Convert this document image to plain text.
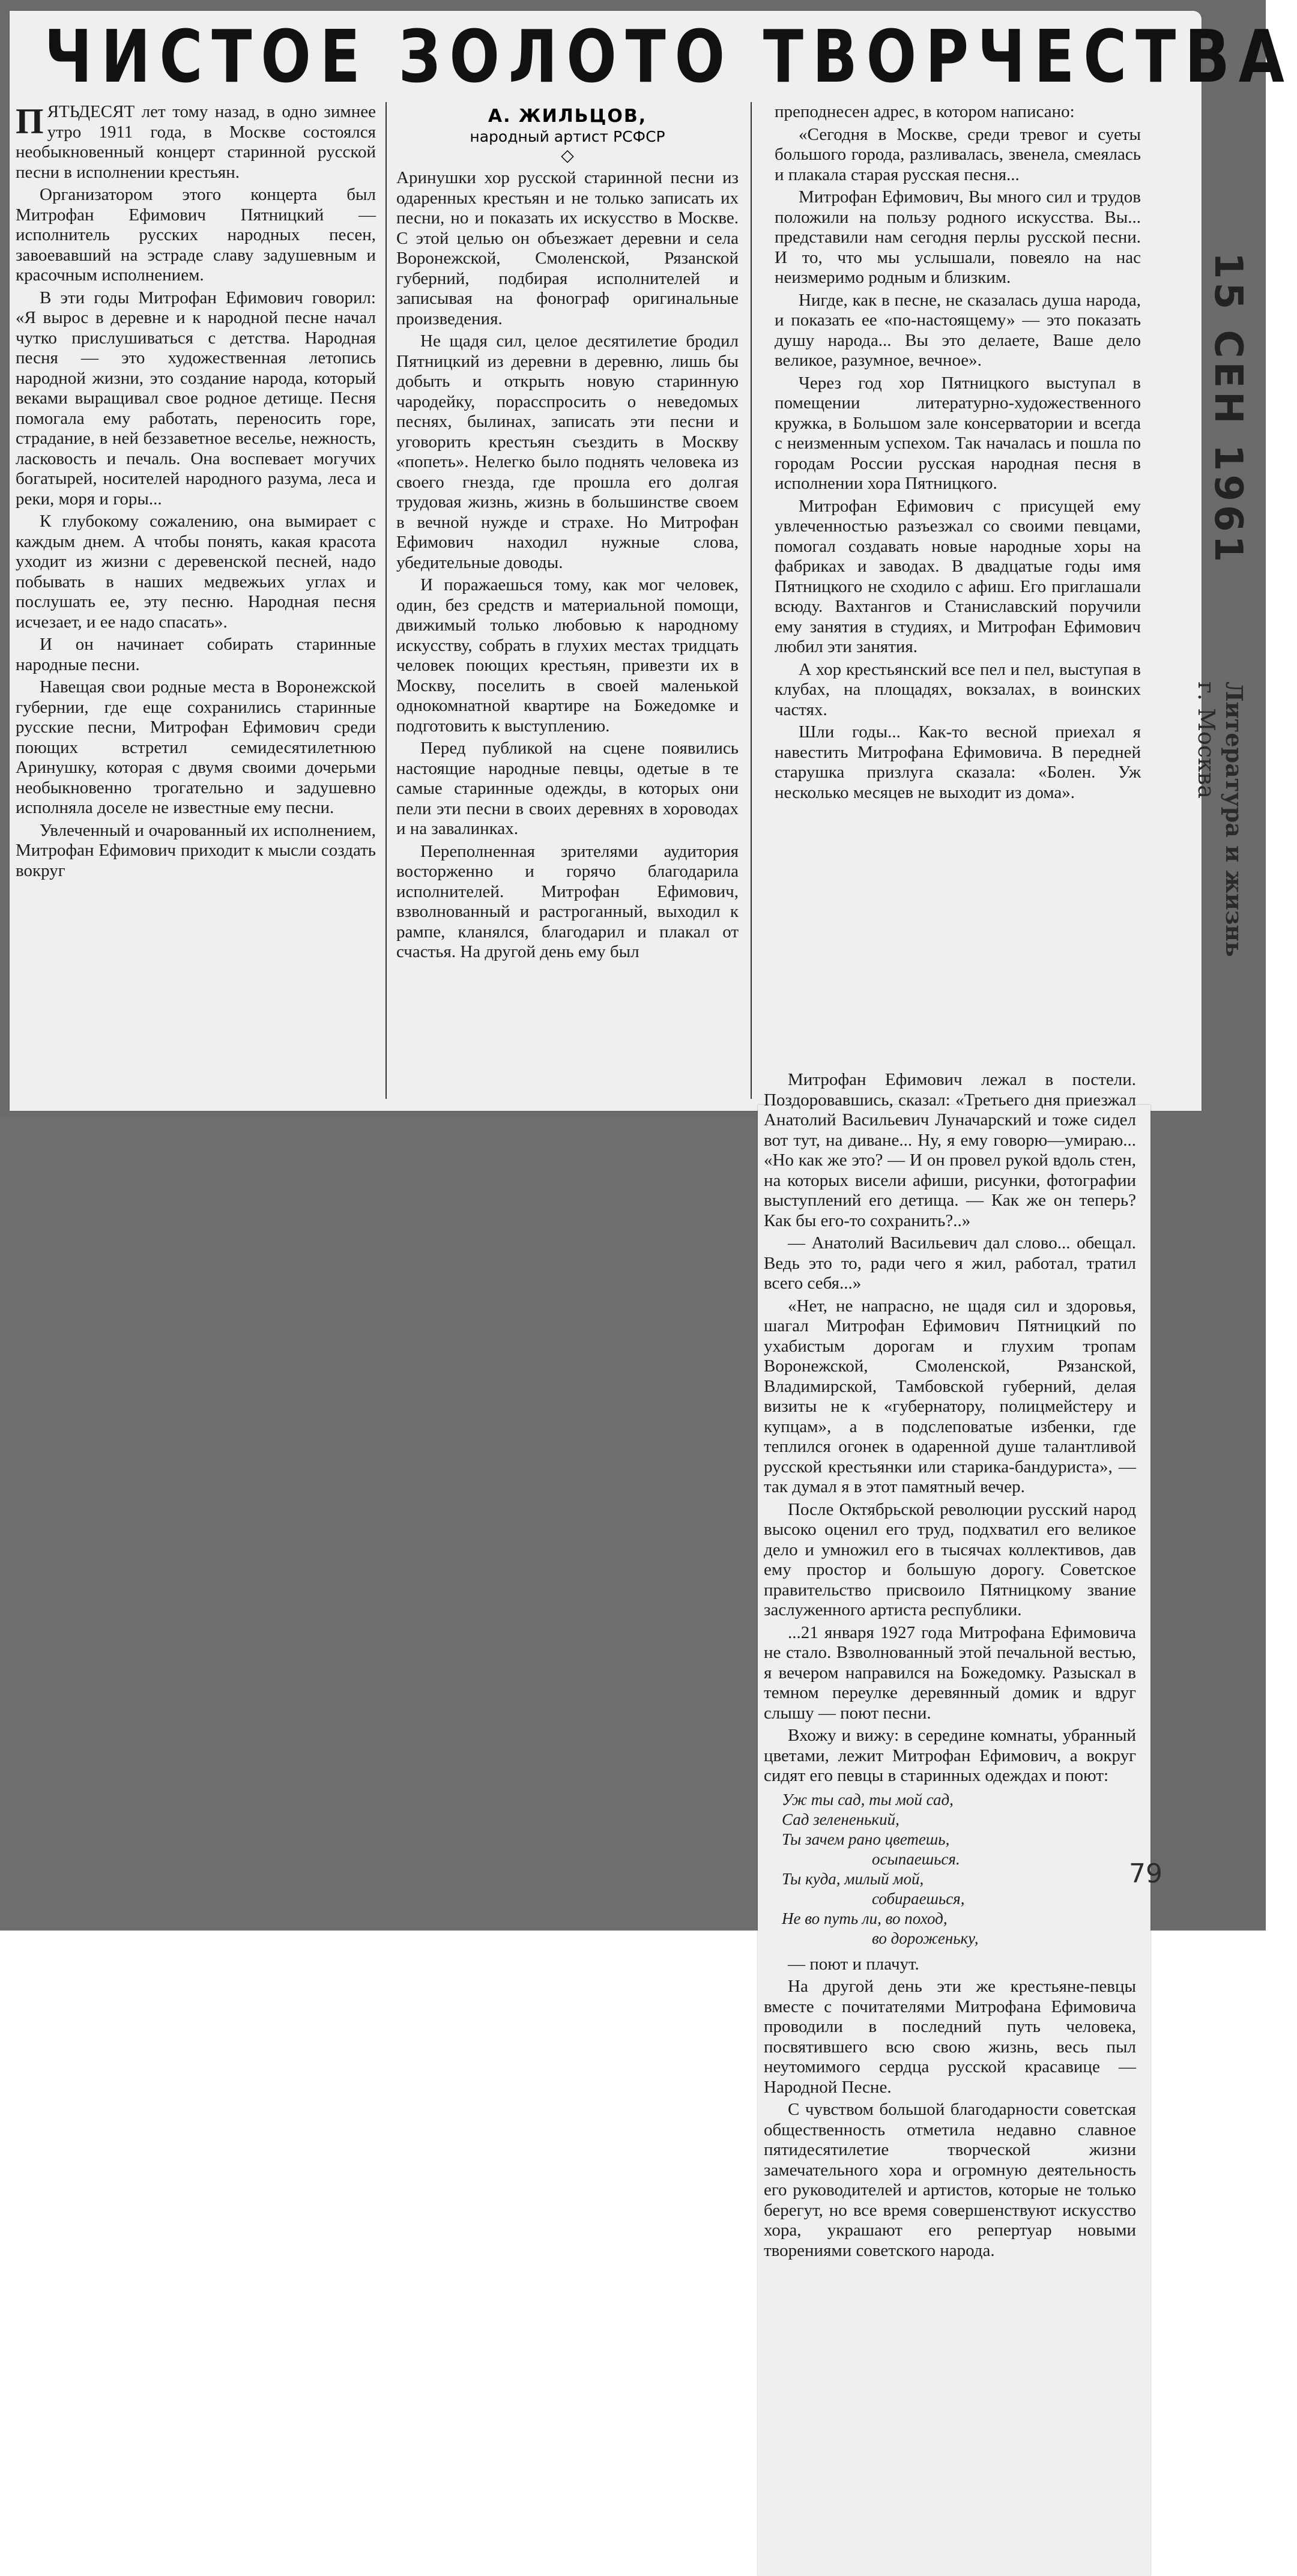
ЧИСТОЕ ЗОЛОТО ТВОРЧЕСТВА
А. ЖИЛЬЦОВ,
народный артист РСФСР
◇

ПЯТЬДЕСЯТ лет тому назад, в одно зимнее утро 1911 года, в Москве состоялся необыкновенный концерт старинной русской песни в исполнении крестьян.

Организатором этого концерта был Митрофан Ефимович Пятницкий — исполнитель русских народных песен, завоевавший на эстраде славу задушевным и красочным исполнением.

В эти годы Митрофан Ефимович говорил: «Я вырос в деревне и к народной песне начал чутко прислушиваться с детства. Народная песня — это художественная летопись народной жизни, это создание народа, который веками выращивал свое родное детище. Песня помогала ему работать, переносить горе, страдание, в ней беззаветное веселье, нежность, ласковость и печаль. Она воспевает могучих богатырей, носителей народного разума, леса и реки, моря и горы...

К глубокому сожалению, она вымирает с каждым днем. А чтобы понять, какая красота уходит из жизни с деревенской песней, надо побывать в наших медвежьих углах и послушать ее, эту песню. Народная песня исчезает, и ее надо спасать».

И он начинает собирать старинные народные песни.

Навещая свои родные места в Воронежской губернии, где еще сохранились старинные русские песни, Митрофан Ефимович среди поющих встретил семидесятилетнюю Аринушку, которая с двумя своими дочерьми необыкновенно трогательно и задушевно исполняла доселе не известные ему песни.

Увлеченный и очарованный их исполнением, Митрофан Ефимович приходит к мысли создать вокруг

Аринушки хор русской старинной песни из одаренных крестьян и не только записать их песни, но и показать их искусство в Москве. С этой целью он объезжает деревни и села Воронежской, Смоленской, Рязанской губерний, подбирая исполнителей и записывая на фонограф оригинальные произведения.

Не щадя сил, целое десятилетие бродил Пятницкий из деревни в деревню, лишь бы добыть и открыть новую старинную чародейку, порасспросить о неведомых песнях, былинах, записать эти песни и уговорить крестьян съездить в Москву «попеть». Нелегко было поднять человека из своего гнезда, где прошла его долгая трудовая жизнь, жизнь в большинстве своем в вечной нужде и страхе. Но Митрофан Ефимович находил нужные слова, убедительные доводы.

И поражаешься тому, как мог человек, один, без средств и материальной помощи, движимый только любовью к народному искусству, собрать в глухих местах тридцать человек поющих крестьян, привезти их в Москву, поселить в своей маленькой однокомнатной квартире на Божедомке и подготовить к выступлению.

Перед публикой на сцене появились настоящие народные певцы, одетые в те самые старинные одежды, в которых они пели эти песни в своих деревнях в хороводах и на завалинках.

Переполненная зрителями аудитория восторженно и горячо благодарила исполнителей. Митрофан Ефимович, взволнованный и растроганный, выходил к рампе, кланялся, благодарил и плакал от счастья. На другой день ему был

преподнесен адрес, в котором написано:

«Сегодня в Москве, среди тревог и суеты большого города, разливалась, звенела, смеялась и плакала старая русская песня...

Митрофан Ефимович, Вы много сил и трудов положили на пользу родного искусства. Вы... представили нам сегодня перлы русской песни. И то, что мы услышали, повеяло на нас неизмеримо родным и близким.

Нигде, как в песне, не сказалась душа народа, и показать ее «по-настоящему» — это показать душу народа... Вы это делаете, Ваше дело великое, разумное, вечное».

Через год хор Пятницкого выступал в помещении литературно-художественного кружка, в Большом зале консерватории и всегда с неизменным успехом. Так началась и пошла по городам России русская народная песня в исполнении хора Пятницкого.

Митрофан Ефимович с присущей ему увлеченностью разъезжал со своими певцами, помогал создавать новые народные хоры на фабриках и заводах. В двадцатые годы имя Пятницкого не сходило с афиш. Его приглашали всюду. Вахтангов и Станиславский поручили ему занятия в студиях, и Митрофан Ефимович любил эти занятия.

А хор крестьянский все пел и пел, выступая в клубах, на площадях, вокзалах, в воинских частях.

Шли годы... Как-то весной приехал я навестить Митрофана Ефимовича. В передней старушка призлуга сказала: «Болен. Уж несколько месяцев не выходит из дома».

Митрофан Ефимович лежал в постели. Поздоровавшись, сказал: «Третьего дня приезжал Анатолий Васильевич Луначарский и тоже сидел вот тут, на диване... Ну, я ему говорю—умираю... «Но как же это? — И он провел рукой вдоль стен, на которых висели афиши, рисунки, фотографии выступлений его детища. — Как же он теперь? Как бы его-то сохранить?..»

— Анатолий Васильевич дал слово... обещал. Ведь это то, ради чего я жил, работал, тратил всего себя...»

«Нет, не напрасно, не щадя сил и здоровья, шагал Митрофан Ефимович Пятницкий по ухабистым дорогам и глухим тропам Воронежской, Смоленской, Рязанской, Владимирской, Тамбовской губерний, делая визиты не к «губернатору, полицмейстеру и купцам», а в подслеповатые избенки, где теплился огонек в одаренной душе талантливой русской крестьянки или старика-бандуриста», — так думал я в этот памятный вечер.

После Октябрьской революции русский народ высоко оценил его труд, подхватил его великое дело и умножил его в тысячах коллективов, дав ему простор и большую дорогу. Советское правительство присвоило Пятницкому звание заслуженного артиста республики.

...21 января 1927 года Митрофана Ефимовича не стало. Взволнованный этой печальной вестью, я вечером направился на Божедомку. Разыскал в темном переулке деревянный домик и вдруг слышу — поют песни.

Вхожу и вижу: в середине комнаты, убранный цветами, лежит Митрофан Ефимович, а вокруг сидят его певцы в старинных одеждах и поют:

Уж ты сад, ты мой сад,
Сад зелененький,
Ты зачем рано цветешь,
осыпаешься.
Ты куда, милый мой,
собираешься,
Не во путь ли, во поход,
во дороженьку,

— поют и плачут.

На другой день эти же крестьяне-певцы вместе с почитателями Митрофана Ефимовича проводили в последний путь человека, посвятившего всю свою жизнь, весь пыл неутомимого сердца русской красавице — Народной Песне.

С чувством большой благодарности советская общественность отметила недавно славное пятидесятилетие творческой жизни замечательного хора и огромную деятельность его руководителей и артистов, которые не только берегут, но все время совершенствуют искусство хора, украшают его репертуар новыми творениями советского народа.

15 СЕН 1961
Литература и жизнь
г. Москва
79
